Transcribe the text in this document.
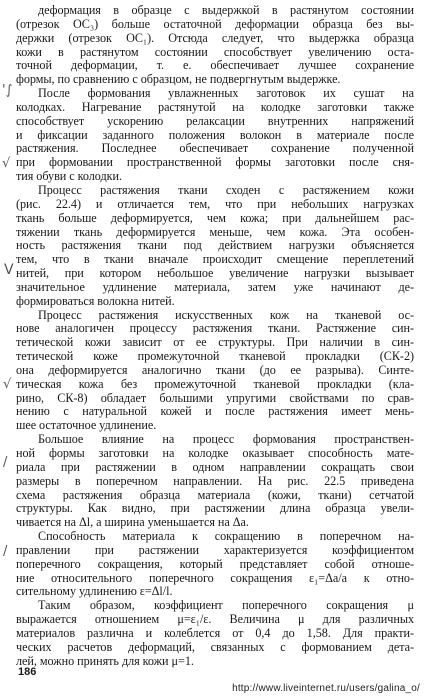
деформация в образце с выдержкой в растянутом состоянии
(отрезок OC₃) больше остаточной деформации образца без вы-
держки (отрезок OC₁). Отсюда следует, что выдержка образца
кожи в растянутом состоянии способствует увеличению оста-
точной деформации, т. е. обеспечивает лучшее сохранение
формы, по сравнению с образцом, не подвергнутым выдержке.

После формования увлажненных заготовок их сушат на
колодках. Нагревание растянутой на колодке заготовки также
способствует ускорению релаксации внутренних напряжений
и фиксации заданного положения волокон в материале после
растяжения. Последнее обеспечивает сохранение полученной
при формовании пространственной формы заготовки после сня-
тия обуви с колодки.

Процесс растяжения ткани сходен с растяжением кожи
(рис. 22.4) и отличается тем, что при небольших нагрузках
ткань больше деформируется, чем кожа; при дальнейшем рас-
тяжении ткань деформируется меньше, чем кожа. Эта особен-
ность растяжения ткани под действием нагрузки объясняется
тем, что в ткани вначале происходит смещение переплетений
нитей, при котором небольшое увеличение нагрузки вызывает
значительное удлинение материала, затем уже начинают де-
формироваться волокна нитей.

Процесс растяжения искусственных кож на тканевой ос-
нове аналогичен процессу растяжения ткани. Растяжение син-
тетической кожи зависит от ее структуры. При наличии в син-
тетической коже промежуточной тканевой прокладки (СК-2)
она деформируется аналогично ткани (до ее разрыва). Синте-
тическая кожа без промежуточной тканевой прокладки (кла-
рино, СК-8) обладает большими упругими свойствами по срав-
нению с натуральной кожей и после растяжения имеет мень-
шее остаточное удлинение.

Большое влияние на процесс формования пространствен-
ной формы заготовки на колодке оказывает способность мате-
риала при растяжении в одном направлении сокращать свои
размеры в поперечном направлении. На рис. 22.5 приведена
схема растяжения образца материала (кожи, ткани) сетчатой
структуры. Как видно, при растяжении длина образца увели-
чивается на Δl, а ширина уменьшается на Δa.

Способность материала к сокращению в поперечном на-
правлении при растяжении характеризуется коэффициентом
поперечного сокращения, который представляет собой отноше-
ние относительного поперечного сокращения ε₁=Δa/a к отно-
сительному удлинению ε=Δl/l.

Таким образом, коэффициент поперечного сокращения μ
выражается отношением μ=ε₁/ε. Величина μ для различных
материалов различна и колеблется от 0,4 до 1,58. Для практи-
ческих расчетов деформаций, связанных с формованием дета-
лей, можно принять для кожи μ=1.

'∫
√
V
√
/
/
186
http://www.liveinternet.ru/users/galina_o/
